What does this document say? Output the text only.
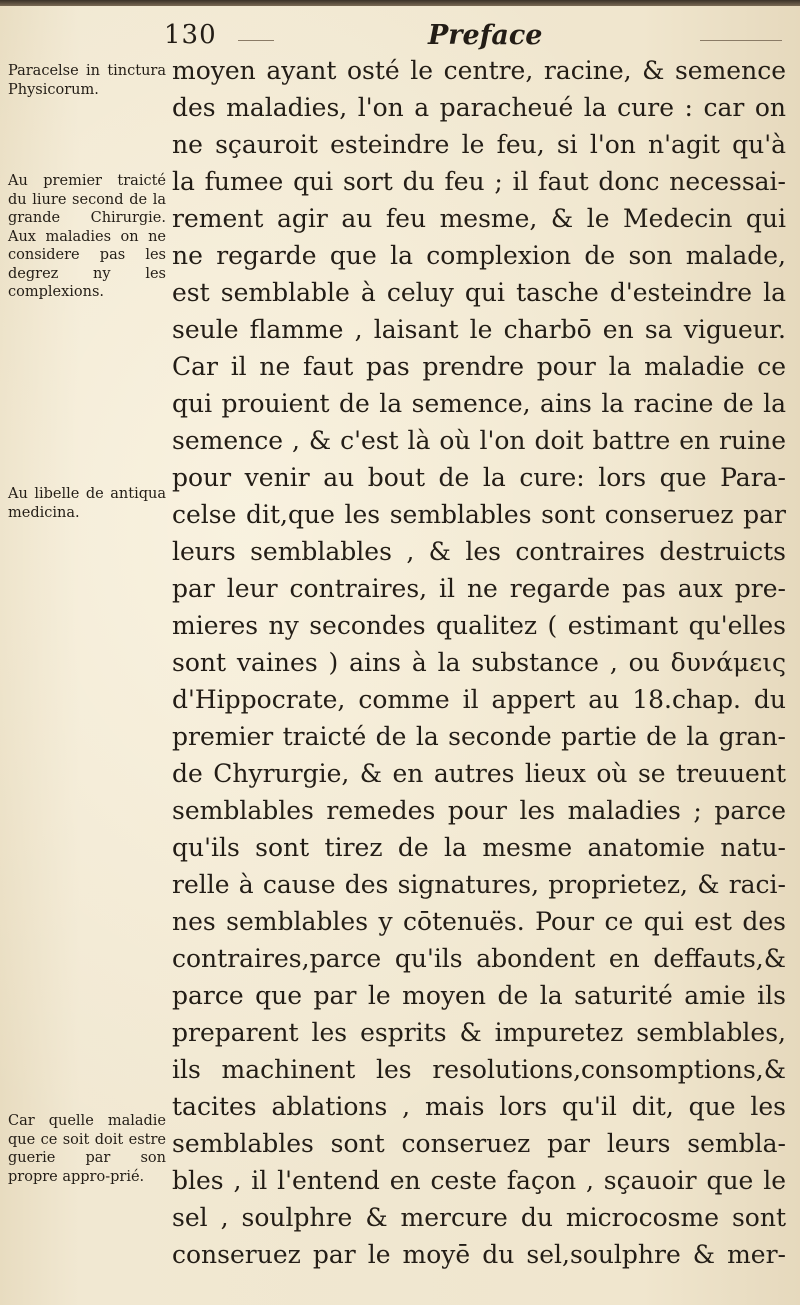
130	Preface
Paracelse in tinctura Physicorum.
Au premier traicté du liure second de la grande Chirurgie. Aux maladies on ne considere pas les degrez ny les complexions.
Au libelle de antiqua medicina.
Car quelle maladie que ce soit doit estre guerie par son propre appro-prié.
moyen ayant osté le centre, racine, & semence
des maladies, l'on a paracheué la cure : car on
ne sçauroit esteindre le feu, si l'on n'agit qu'à
la fumee qui sort du feu ; il faut donc necessai-
rement agir au feu mesme, & le Medecin qui
ne regarde que la complexion de son malade,
est semblable à celuy qui tasche d'esteindre la
seule flamme , laisant le charbō en sa vigueur.
Car il ne faut pas prendre pour la maladie ce
qui prouient de la semence, ains la racine de la
semence , & c'est là où l'on doit battre en ruine
pour venir au bout de la cure: lors que Para-
celse dit,que les semblables sont conseruez par
leurs semblables , & les contraires destruicts
par leur contraires, il ne regarde pas aux pre-
mieres ny secondes qualitez ( estimant qu'elles
sont vaines ) ains à la substance , ou δυνάμεις
d'Hippocrate, comme il appert au 18.chap. du
premier traicté de la seconde partie de la gran-
de Chyrurgie, & en autres lieux où se treuuent
semblables remedes pour les maladies ; parce
qu'ils sont tirez de la mesme anatomie natu-
relle à cause des signatures, proprietez, & raci-
nes semblables y cōtenuës. Pour ce qui est des
contraires,parce qu'ils abondent en deffauts,&
parce que par le moyen de la saturité amie ils
preparent les esprits & impuretez semblables,
ils machinent les resolutions,consomptions,&
tacites ablations , mais lors qu'il dit, que les
semblables sont conseruez par leurs sembla-
bles , il l'entend en ceste façon , sçauoir que le
sel , soulphre & mercure du microcosme sont
conseruez par le moyē du sel,soulphre & mer-
